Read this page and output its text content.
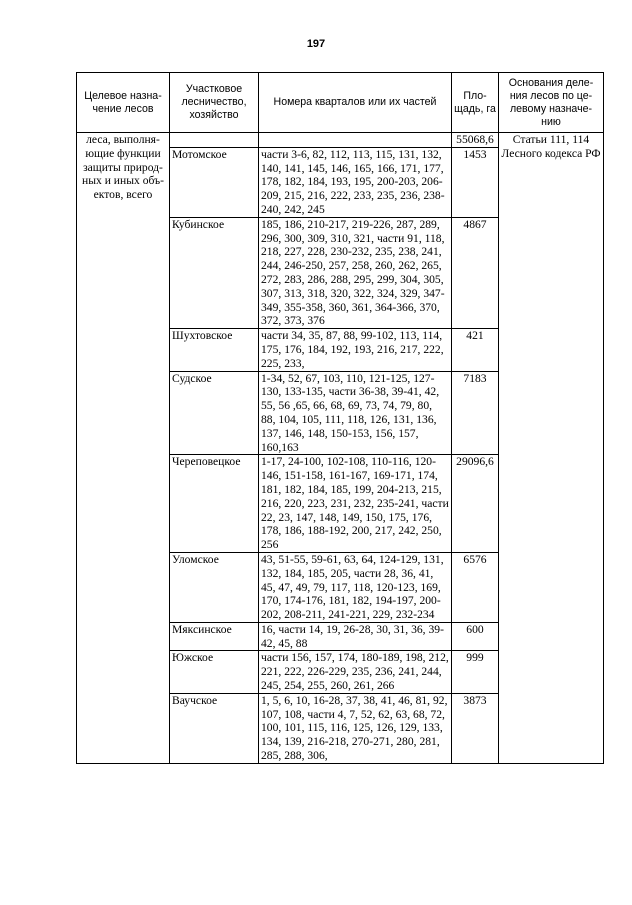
197
Целевое назна-чение лесов	Участковое лесничество, хозяйство	Номера кварталов или их частей	Пло-щадь, га	Основания деле-ния лесов по це-левому назначе-нию
леса, выполня-ющие функции защиты природ-ных и иных объ-ектов, всего			55068,6	Статьи 111, 114 Лесного кодекса РФ
	Мотомское	части 3-6, 82, 112, 113, 115, 131, 132, 140, 141, 145, 146, 165, 166, 171, 177, 178, 182, 184, 193, 195, 200-203, 206-209, 215, 216, 222, 233, 235, 236, 238-240, 242, 245	1453	
	Кубинское	185, 186, 210-217, 219-226, 287, 289, 296, 300, 309, 310, 321, части 91, 118, 218, 227, 228, 230-232, 235, 238, 241, 244, 246-250, 257, 258, 260, 262, 265, 272, 283, 286, 288, 295, 299, 304, 305, 307, 313, 318, 320, 322, 324, 329, 347-349, 355-358, 360, 361, 364-366, 370, 372, 373, 376	4867	
	Шухтовское	части 34, 35, 87, 88, 99-102, 113, 114, 175, 176, 184, 192, 193, 216, 217, 222, 225, 233,	421	
	Судское	1-34, 52, 67, 103, 110, 121-125, 127-130, 133-135, части 36-38, 39-41, 42, 55, 56 ,65, 66, 68, 69, 73, 74, 79, 80, 88, 104, 105, 111, 118, 126, 131, 136, 137, 146, 148, 150-153, 156, 157, 160,163	7183	
	Череповецкое	1-17, 24-100, 102-108, 110-116, 120-146, 151-158, 161-167, 169-171, 174, 181, 182, 184, 185, 199, 204-213, 215, 216, 220, 223, 231, 232, 235-241, части 22, 23, 147, 148, 149, 150, 175, 176, 178, 186, 188-192, 200, 217, 242, 250, 256	29096,6	
	Уломское	43, 51-55, 59-61, 63, 64, 124-129, 131, 132, 184, 185, 205, части 28, 36, 41, 45, 47, 49, 79, 117, 118, 120-123, 169, 170, 174-176, 181, 182, 194-197, 200-202, 208-211, 241-221, 229, 232-234	6576	
	Мяксинское	16, части 14, 19, 26-28, 30, 31, 36, 39-42, 45, 88	600	
	Южское	части 156, 157, 174, 180-189, 198, 212, 221, 222, 226-229, 235, 236, 241, 244, 245, 254, 255, 260, 261, 266	999	
	Ваучское	1, 5, 6, 10, 16-28, 37, 38, 41, 46, 81, 92, 107, 108, части 4, 7, 52, 62, 63, 68, 72, 100, 101, 115, 116, 125, 126, 129, 133, 134, 139, 216-218, 270-271, 280, 281, 285, 288, 306,	3873	
